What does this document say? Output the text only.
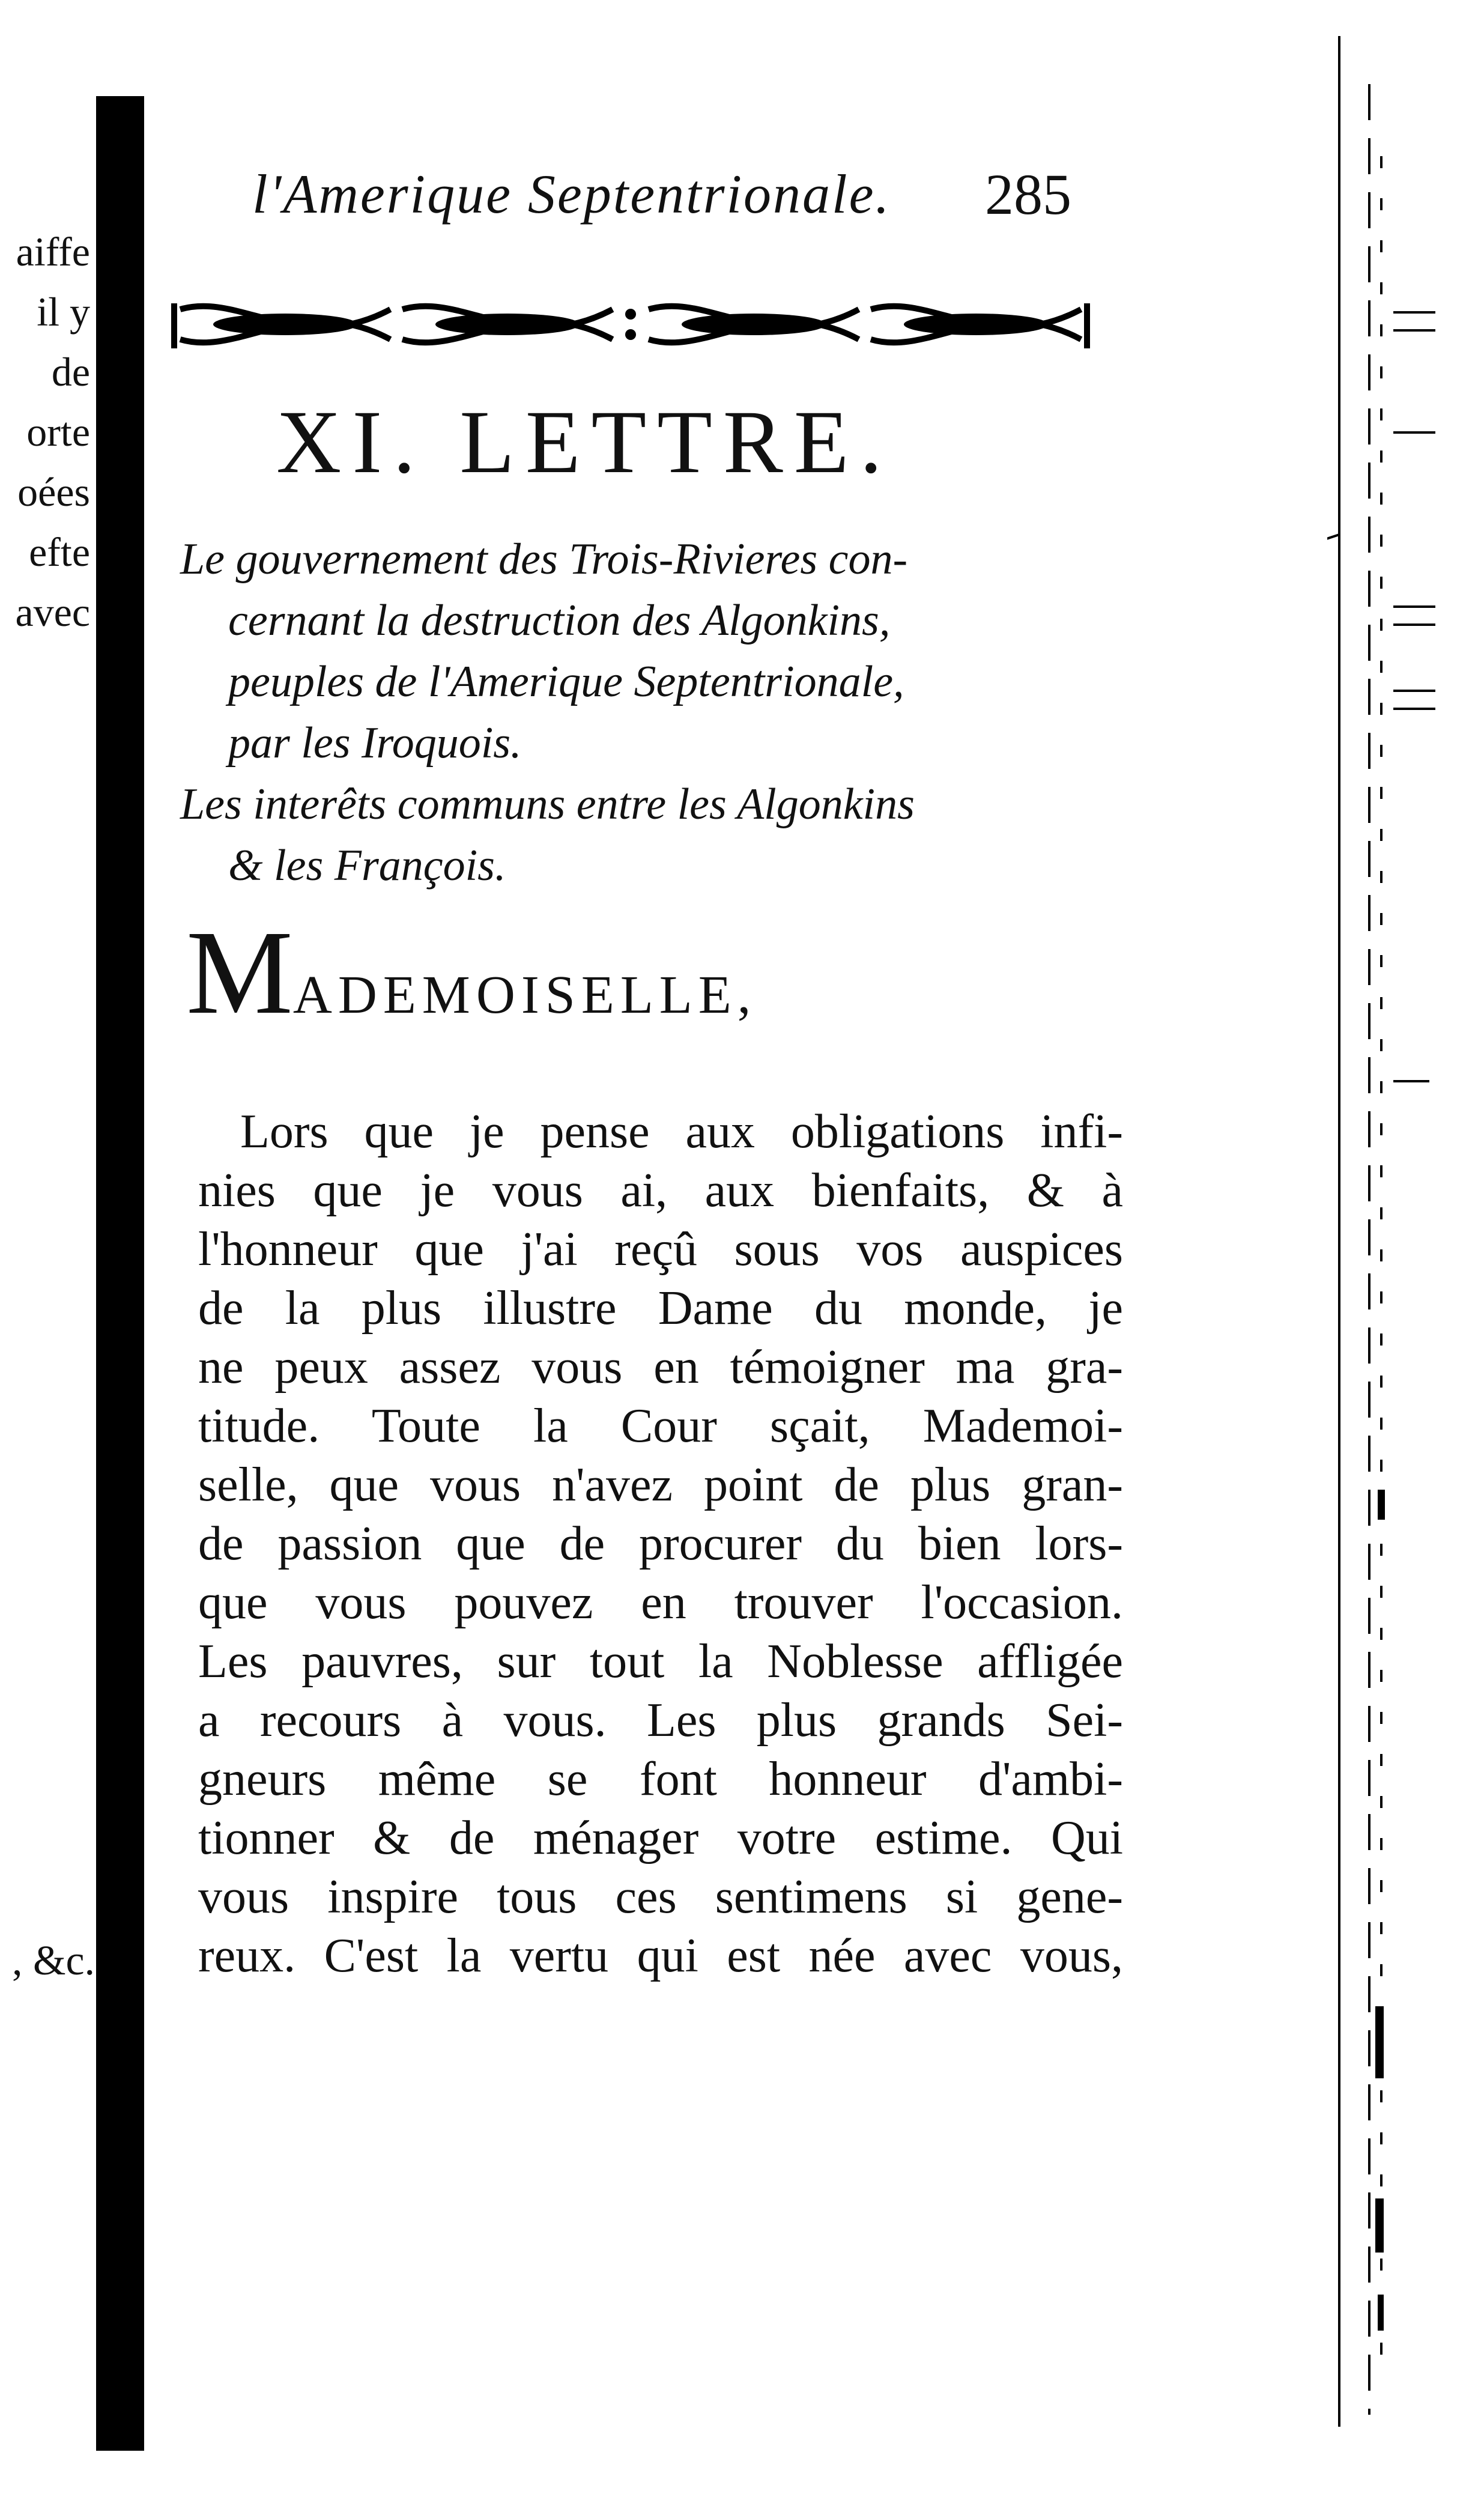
aiffe
il y
de
orte
oées
efte
avec
, &c.
l'Amerique Septentrionale. 285
XI. LETTRE.
Le gouvernement des Trois-Rivieres con-
cernant la destruction des Algonkins,
peuples de l'Amerique Septentrionale,
par les Iroquois.
Les interêts communs entre les Algonkins
& les François.
MADEMOISELLE,
Lors que je pense aux obligations infi-
nies que je vous ai, aux bienfaits, & à
l'honneur que j'ai reçû sous vos auspices
de la plus illustre Dame du monde, je
ne peux assez vous en témoigner ma gra-
titude. Toute la Cour sçait, Mademoi-
selle, que vous n'avez point de plus gran-
de passion que de procurer du bien lors-
que vous pouvez en trouver l'occasion.
Les pauvres, sur tout la Noblesse affligée
a recours à vous. Les plus grands Sei-
gneurs même se font honneur d'ambi-
tionner & de ménager votre estime. Qui
vous inspire tous ces sentimens si gene-
reux. C'est la vertu qui est née avec vous,
